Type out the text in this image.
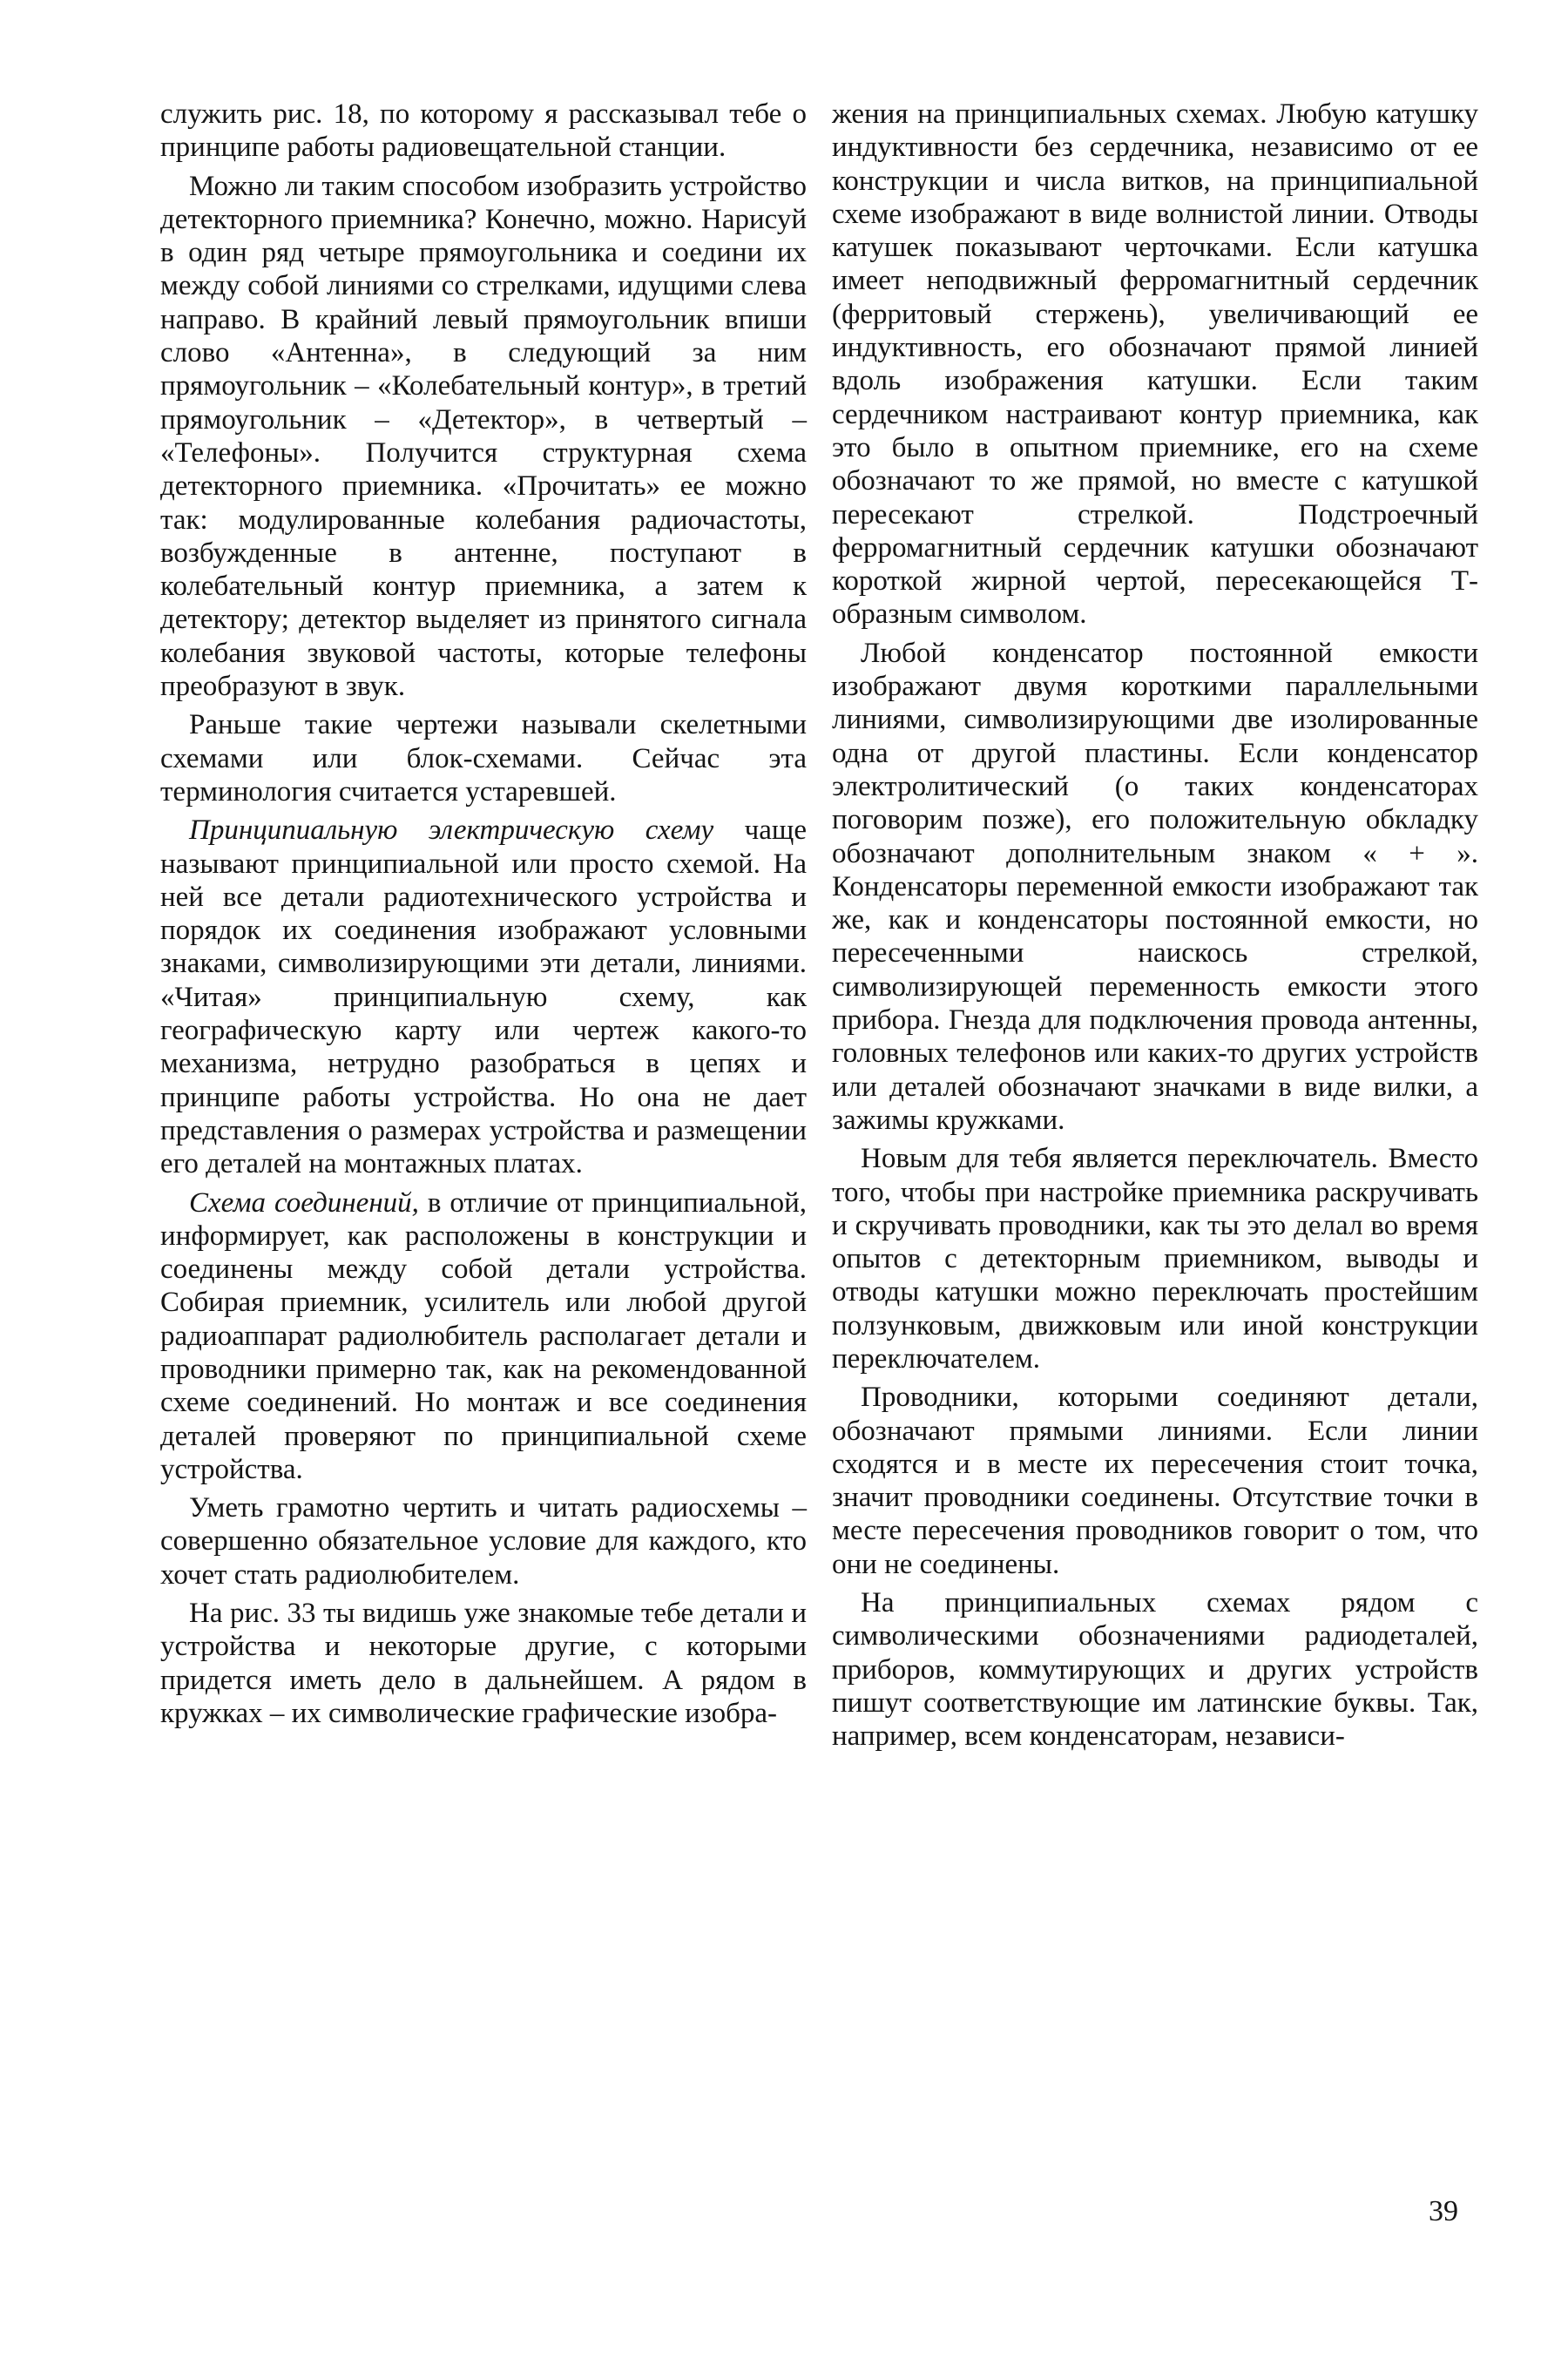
служить рис. 18, по которому я рассказывал тебе о принципе работы радиовещательной станции.

Можно ли таким способом изобразить устройство детекторного приемника? Конечно, можно. Нарисуй в один ряд четыре прямоугольника и соедини их между собой линиями со стрелками, идущими слева направо. В крайний левый прямоугольник впиши слово «Антенна», в следующий за ним прямоугольник – «Колебательный контур», в третий прямоугольник – «Детектор», в четвертый – «Телефоны». Получится структурная схема детекторного приемника. «Прочитать» ее можно так: модулированные колебания радиочастоты, возбужденные в антенне, поступают в колебательный контур приемника, а затем к детектору; детектор выделяет из принятого сигнала колебания звуковой частоты, которые телефоны преобразуют в звук.

Раньше такие чертежи называли скелетными схемами или блок-схемами. Сейчас эта терминология считается устаревшей.

Принципиальную электрическую схему чаще называют принципиальной или просто схемой. На ней все детали радиотехнического устройства и порядок их соединения изображают условными знаками, символизирующими эти детали, линиями. «Читая» принципиальную схему, как географическую карту или чертеж какого-то механизма, нетрудно разобраться в цепях и принципе работы устройства. Но она не дает представления о размерах устройства и размещении его деталей на монтажных платах.

Схема соединений, в отличие от принципиальной, информирует, как расположены в конструкции и соединены между собой детали устройства. Собирая приемник, усилитель или любой другой радиоаппарат радиолюбитель располагает детали и проводники примерно так, как на рекомендованной схеме соединений. Но монтаж и все соединения деталей проверяют по принципиальной схеме устройства.

Уметь грамотно чертить и читать радиосхемы – совершенно обязательное условие для каждого, кто хочет стать радиолюбителем.

На рис. 33 ты видишь уже знакомые тебе детали и устройства и некоторые другие, с которыми придется иметь дело в дальнейшем. А рядом в кружках – их символические графические изобра-

жения на принципиальных схемах. Любую катушку индуктивности без сердечника, независимо от ее конструкции и числа витков, на принципиальной схеме изображают в виде волнистой линии. Отводы катушек показывают черточками. Если катушка имеет неподвижный ферромагнитный сердечник (ферритовый стержень), увеличивающий ее индуктивность, его обозначают прямой линией вдоль изображения катушки. Если таким сердечником настраивают контур приемника, как это было в опытном приемнике, его на схеме обозначают то же прямой, но вместе с катушкой пересекают стрелкой. Подстроечный ферромагнитный сердечник катушки обозначают короткой жирной чертой, пересекающейся Т-образным символом.

Любой конденсатор постоянной емкости изображают двумя короткими параллельными линиями, символизирующими две изолированные одна от другой пластины. Если конденсатор электролитический (о таких конденсаторах поговорим позже), его положительную обкладку обозначают дополнительным знаком « + ». Конденсаторы переменной емкости изображают так же, как и конденсаторы постоянной емкости, но пересеченными наискось стрелкой, символизирующей переменность емкости этого прибора. Гнезда для подключения провода антенны, головных телефонов или каких-то других устройств или деталей обозначают значками в виде вилки, а зажимы кружками.

Новым для тебя является переключатель. Вместо того, чтобы при настройке приемника раскручивать и скручивать проводники, как ты это делал во время опытов с детекторным приемником, выводы и отводы катушки можно переключать простейшим ползунковым, движковым или иной конструкции переключателем.

Проводники, которыми соединяют детали, обозначают прямыми линиями. Если линии сходятся и в месте их пересечения стоит точка, значит проводники соединены. Отсутствие точки в месте пересечения проводников говорит о том, что они не соединены.

На принципиальных схемах рядом с символическими обозначениями радиодеталей, приборов, коммутирующих и других устройств пишут соответствующие им латинские буквы. Так, например, всем конденсаторам, независи-

39
